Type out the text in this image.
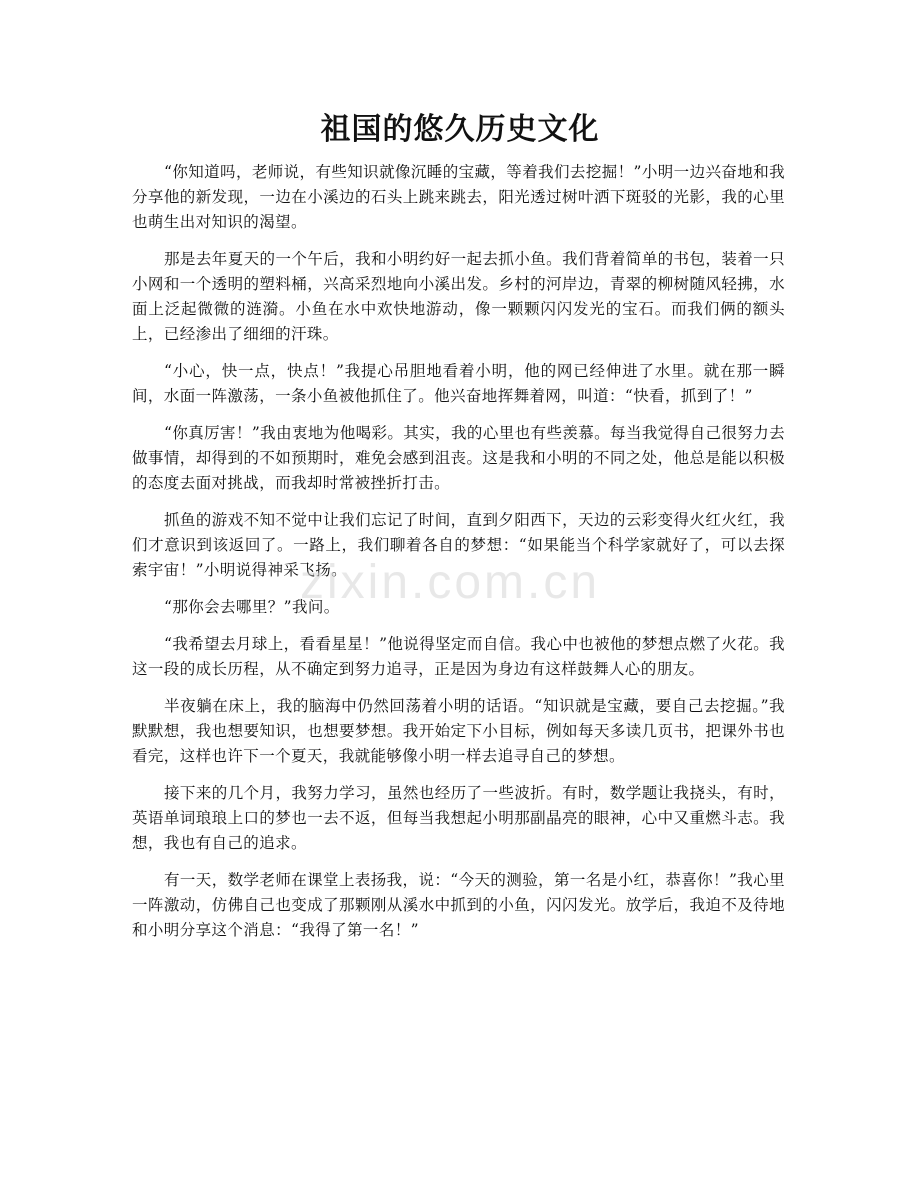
祖国的悠久历史文化

“你知道吗，老师说，有些知识就像沉睡的宝藏，等着我们去挖掘！”小明一边兴奋地和我分享他的新发现，一边在小溪边的石头上跳来跳去，阳光透过树叶洒下斑驳的光影，我的心里也萌生出对知识的渴望。

那是去年夏天的一个午后，我和小明约好一起去抓小鱼。我们背着简单的书包，装着一只小网和一个透明的塑料桶，兴高采烈地向小溪出发。乡村的河岸边，青翠的柳树随风轻拂，水面上泛起微微的涟漪。小鱼在水中欢快地游动，像一颗颗闪闪发光的宝石。而我们俩的额头上，已经渗出了细细的汗珠。

“小心，快一点，快点！”我提心吊胆地看着小明，他的网已经伸进了水里。就在那一瞬间，水面一阵激荡，一条小鱼被他抓住了。他兴奋地挥舞着网，叫道：“快看，抓到了！”

“你真厉害！”我由衷地为他喝彩。其实，我的心里也有些羡慕。每当我觉得自己很努力去做事情，却得到的不如预期时，难免会感到沮丧。这是我和小明的不同之处，他总是能以积极的态度去面对挑战，而我却时常被挫折打击。

抓鱼的游戏不知不觉中让我们忘记了时间，直到夕阳西下，天边的云彩变得火红火红，我们才意识到该返回了。一路上，我们聊着各自的梦想：“如果能当个科学家就好了，可以去探索宇宙！”小明说得神采飞扬。

“那你会去哪里？”我问。

“我希望去月球上，看看星星！”他说得坚定而自信。我心中也被他的梦想点燃了火花。我这一段的成长历程，从不确定到努力追寻，正是因为身边有这样鼓舞人心的朋友。

半夜躺在床上，我的脑海中仍然回荡着小明的话语。“知识就是宝藏，要自己去挖掘。”我默默想，我也想要知识，也想要梦想。我开始定下小目标，例如每天多读几页书，把课外书也看完，这样也许下一个夏天，我就能够像小明一样去追寻自己的梦想。

接下来的几个月，我努力学习，虽然也经历了一些波折。有时，数学题让我挠头，有时，英语单词琅琅上口的梦也一去不返，但每当我想起小明那副晶亮的眼神，心中又重燃斗志。我想，我也有自己的追求。

有一天，数学老师在课堂上表扬我，说：“今天的测验，第一名是小红，恭喜你！”我心里一阵激动，仿佛自己也变成了那颗刚从溪水中抓到的小鱼，闪闪发光。放学后，我迫不及待地和小明分享这个消息：“我得了第一名！”

zixin.com.cn
